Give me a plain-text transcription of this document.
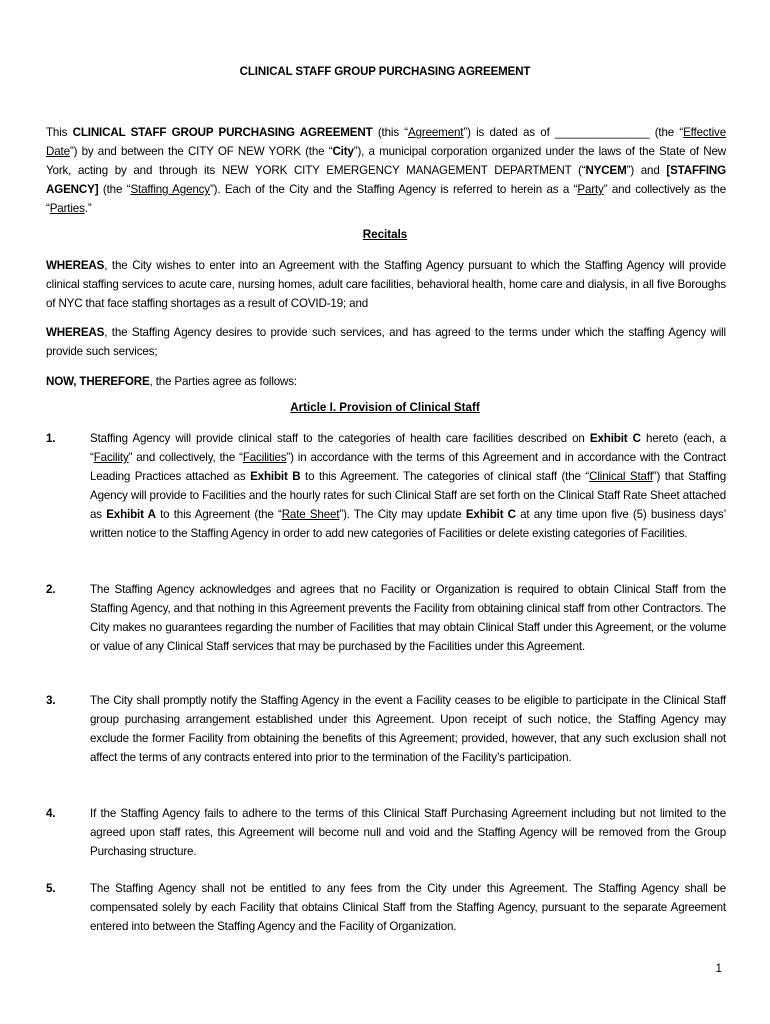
CLINICAL STAFF GROUP PURCHASING AGREEMENT
This CLINICAL STAFF GROUP PURCHASING AGREEMENT (this “Agreement”) is dated as of _______________ (the “Effective Date”) by and between the CITY OF NEW YORK (the “City”), a municipal corporation organized under the laws of the State of New York, acting by and through its NEW YORK CITY EMERGENCY MANAGEMENT DEPARTMENT (“NYCEM”) and [STAFFING AGENCY] (the “Staffing Agency”). Each of the City and the Staffing Agency is referred to herein as a “Party” and collectively as the “Parties.”
Recitals
WHEREAS, the City wishes to enter into an Agreement with the Staffing Agency pursuant to which the Staffing Agency will provide clinical staffing services to acute care, nursing homes, adult care facilities, behavioral health, home care and dialysis, in all five Boroughs of NYC that face staffing shortages as a result of COVID-19; and
WHEREAS, the Staffing Agency desires to provide such services, and has agreed to the terms under which the staffing Agency will provide such services;
NOW, THEREFORE, the Parties agree as follows:
Article I. Provision of Clinical Staff
1.	Staffing Agency will provide clinical staff to the categories of health care facilities described on Exhibit C hereto (each, a “Facility” and collectively, the “Facilities”) in accordance with the terms of this Agreement and in accordance with the Contract Leading Practices attached as Exhibit B to this Agreement. The categories of clinical staff (the “Clinical Staff”) that Staffing Agency will provide to Facilities and the hourly rates for such Clinical Staff are set forth on the Clinical Staff Rate Sheet attached as Exhibit A to this Agreement (the “Rate Sheet”). The City may update Exhibit C at any time upon five (5) business days’ written notice to the Staffing Agency in order to add new categories of Facilities or delete existing categories of Facilities.
2.	The Staffing Agency acknowledges and agrees that no Facility or Organization is required to obtain Clinical Staff from the Staffing Agency, and that nothing in this Agreement prevents the Facility from obtaining clinical staff from other Contractors. The City makes no guarantees regarding the number of Facilities that may obtain Clinical Staff under this Agreement, or the volume or value of any Clinical Staff services that may be purchased by the Facilities under this Agreement.
3.	The City shall promptly notify the Staffing Agency in the event a Facility ceases to be eligible to participate in the Clinical Staff group purchasing arrangement established under this Agreement. Upon receipt of such notice, the Staffing Agency may exclude the former Facility from obtaining the benefits of this Agreement; provided, however, that any such exclusion shall not affect the terms of any contracts entered into prior to the termination of the Facility’s participation.
4.	If the Staffing Agency fails to adhere to the terms of this Clinical Staff Purchasing Agreement including but not limited to the agreed upon staff rates, this Agreement will become null and void and the Staffing Agency will be removed from the Group Purchasing structure.
5.	The Staffing Agency shall not be entitled to any fees from the City under this Agreement. The Staffing Agency shall be compensated solely by each Facility that obtains Clinical Staff from the Staffing Agency, pursuant to the separate Agreement entered into between the Staffing Agency and the Facility of Organization.
1
